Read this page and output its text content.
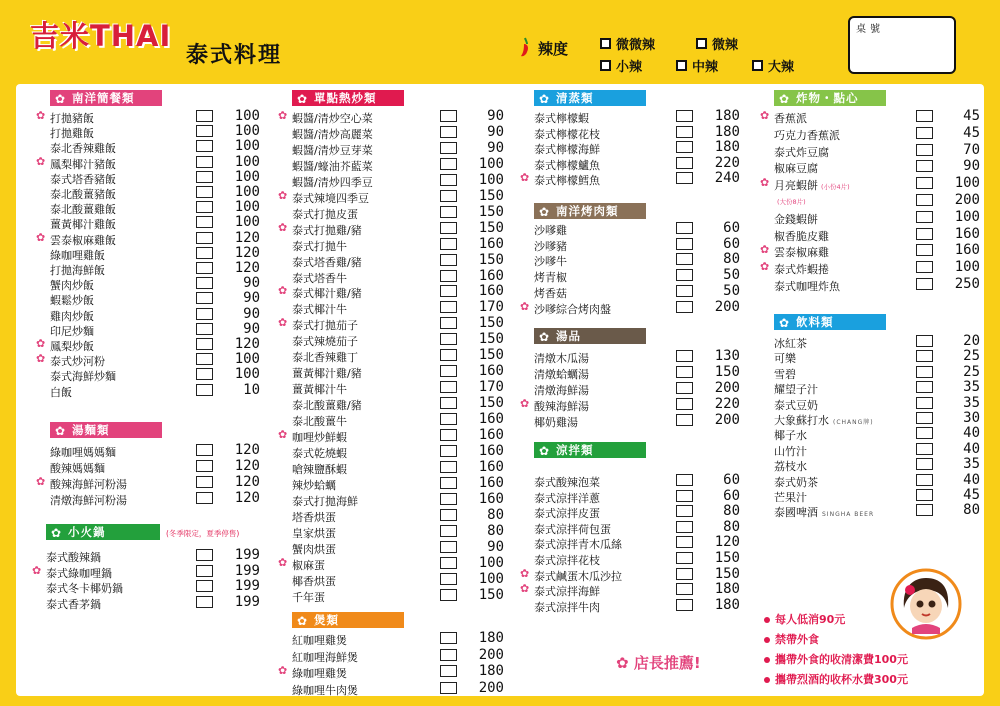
吉米THAI
泰式料理	辣度	微微辣	微辣
小辣	中辣	大辣
桌號
✿ 南洋簡餐類
✿ 打拋豬飯	100
打拋雞飯	100
泰北香辣雞飯	100
✿ 鳳梨椰汁豬飯	100
泰式塔香豬飯	100
泰北酸薑豬飯	100
泰北酸薑雞飯	100
薑黃椰汁雞飯	100
✿ 雲泰椒麻雞飯	120
綠咖哩雞飯	120
打拋海鮮飯	120
蟹肉炒飯	90
蝦鬆炒飯	90
雞肉炒飯	90
印尼炒麵	90
✿ 鳳梨炒飯	120
✿ 泰式炒河粉	100
泰式海鮮炒麵	100
白飯	10
✿ 湯麵類
綠咖哩媽媽麵	120
酸辣媽媽麵	120
✿ 酸辣海鮮河粉湯	120
清燉海鮮河粉湯	120
✿ 小火鍋
泰式酸辣鍋	199
✿ 泰式綠咖哩鍋	199
泰式冬卡椰奶鍋	199
泰式香茅鍋	199
✿ 單點熱炒類
✿ 蝦醬/清炒空心菜	90
蝦醬/清炒高麗菜	90
蝦醬/清炒豆芽菜	90
蝦醬/蠔油芥藍菜	100
蝦醬/清炒四季豆	100
✿ 泰式辣境四季豆	150
泰式打拋皮蛋	150
✿ 泰式打拋雞/豬	150
泰式打拋牛	160
泰式塔香雞/豬	150
泰式塔香牛	160
✿ 泰式椰汁雞/豬	160
泰式椰汁牛	170
✿ 泰式打拋茄子	150
泰式辣燒茄子	150
泰北香辣雞丁	150
薑黃椰汁雞/豬	160
薑黃椰汁牛	170
泰北酸薑雞/豬	150
泰北酸薑牛	160
✿ 咖哩炒鮮蝦	160
泰式乾燒蝦	160
嗆辣鹽酥蝦	160
辣炒蛤蠣	160
泰式打拋海鮮	160
塔香烘蛋	80
皇家烘蛋	80
蟹肉烘蛋	90
✿ 椒麻蛋	100
椰香烘蛋	100
千年蛋	150
✿ 煲類
紅咖哩雞煲	180
紅咖哩海鮮煲	200
✿ 綠咖哩雞煲	180
綠咖哩牛肉煲	200
✿ 清蒸類
泰式檸檬蝦	180
泰式檸檬花枝	180
泰式檸檬海鮮	180
泰式檸檬鱸魚	220
✿ 泰式檸檬鱈魚	240
✿ 南洋烤肉類
沙嗲雞	60
沙嗲豬	60
沙嗲牛	80
烤青椒	50
烤香菇	50
✿ 沙嗲綜合烤肉盤	200
✿ 湯品
清燉木瓜湯	130
清燉蛤蠣湯	150
清燉海鮮湯	200
✿ 酸辣海鮮湯	220
椰奶雞湯	200
✿ 涼拌類
泰式酸辣泡菜	60
泰式涼拌洋蔥	60
泰式涼拌皮蛋	80
泰式涼拌荷包蛋	80
泰式涼拌青木瓜絲	120
泰式涼拌花枝	150
✿ 泰式鹹蛋木瓜沙拉	150
✿ 泰式涼拌海鮮	180
泰式涼拌牛肉	180
✿ 炸物・點心
✿ 香蕉派	45
巧克力香蕉派	45
泰式炸豆腐	70
椒麻豆腐	90
✿ 月亮蝦餅 (小份4片)	100
(大份8片)	200
金錢蝦餅	100
椒香脆皮雞	160
✿ 雲泰椒麻雞	160
✿ 泰式炸蝦捲	100
泰式咖哩炸魚	250
✿ 飲料類
冰紅茶	20
可樂	25
雪碧	25
耀望子汁	35
泰式豆奶	35
大象蘇打水 (CHANG牌)	30
椰子水	40
山竹汁	40
荔枝水	35
泰式奶茶	40
芒果汁	45
泰國啤酒 SINGHA BEER	80
(冬季限定，夏季停售)
✿ 店長推薦!
每人低消90元
禁帶外食
攜帶外食的收清潔費100元
攜帶烈酒的收杯水費300元
